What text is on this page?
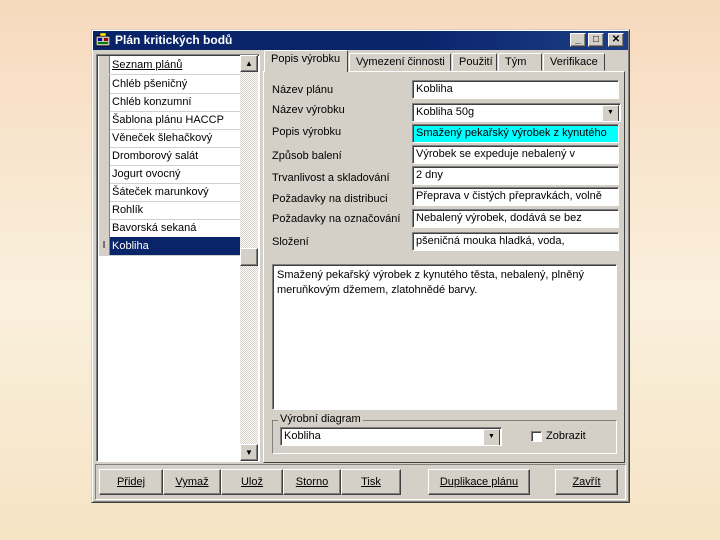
Plán kritických bodů	_	□	✕
Seznam plánů
Chléb pšeničný
Chléb konzumní
Šablona plánu HACCP
Věneček šlehačkový
Dromborový salát
Jogurt ovocný
Šáteček marunkový
Rohlík
Bavorská sekaná
I Kobliha
▲
▼
Popis výrobku	Vymezení činnosti	Použití	Tým	Verifikace
Název plánu	Kobliha
Název výrobku	Kobliha 50g	▼
Popis výrobku	Smažený pekařský výrobek z kynutého
Způsob balení	Výrobek se expeduje nebalený v
Trvanlivost a skladování	2 dny
Požadavky na distribuci	Přeprava v čistých přepravkách, volně
Požadavky na označování	Nebalený výrobek, dodává se bez
Složení	pšeničná mouka hladká, voda,
Smažený pekařský výrobek z kynutého těsta, nebalený, plněný
meruňkovým džemem, zlatohnědé barvy.
Výrobní diagram
Kobliha	▼	Zobrazit
Přidej	Vymaž	Ulož	Storno	Tisk	Duplikace plánu	Zavřít
